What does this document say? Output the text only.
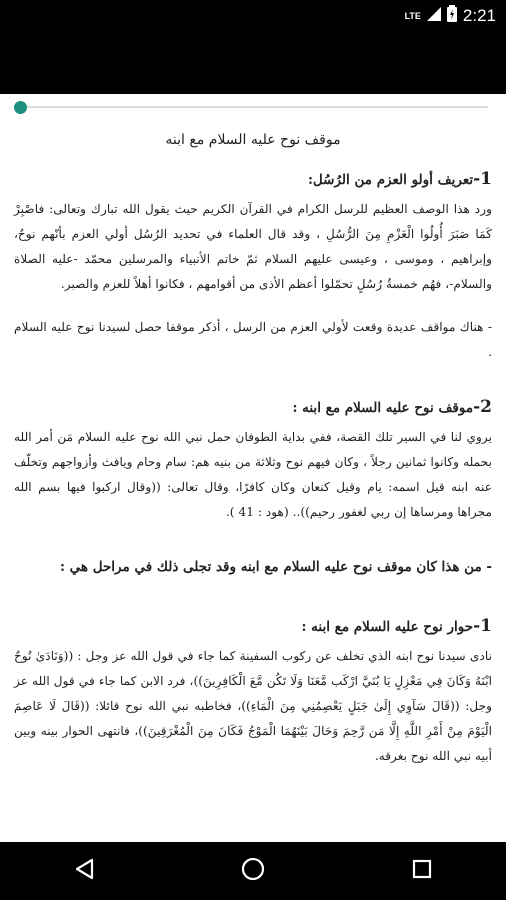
LTE 2:21
موقف نوح عليه السلام مع ابنه
1-تعريف أولو العزم من الرُسُل:

ورد هذا الوصف العظيم للرسل الكرام في القرآن الكريم حيث يقول الله تبارك وتعالى: فاصْبِرْ كَمَا صَبَرَ أُولُوا الْعَزْمِ مِنَ الرُّسُلِ ، وقد قال العلماء في تحديد الرُسُل أولي العزم بأنّهم نوحٌ، وإبراهيم ، وموسى ، وعيسى عليهم السلام ثمّ خاتم الأنبياء والمرسلين محمّد -عليه الصلاة والسلام-، فهُم خمسةُ رُسُلٍ تحمّلوا أعظم الأذى من أقوامهم ، فكانوا أهلاً للعزم والصبر.

- هناك مواقف عديدة وقعت لأولي العزم من الرسل ، أذكر موقفا حصل لسيدنا نوح عليه السلام .

2-موقف نوح عليه السلام مع ابنه :

يروي لنا في السير تلك القصة، ففي بداية الطوفان حمل نبي الله نوح عليه السلام مَن أمر الله بحمله وكانوا ثمانين رجلاً ، وكان فيهم نوح وثلاثة من بنيه هم: سام وحام ويافث وأزواجهم وتخلّف عنه ابنه قيل اسمه: يام وقيل كنعان وكان كافرًا، وقال تعالى: ((وقال اركبوا فيها بسم الله مجراها ومرساها إن ربي لغفور رحيم)).. (هود : 41 ).

- من هذا كان موقف نوح عليه السلام مع ابنه وقد تجلى ذلك في مراحل هي :
1-حوار نوح عليه السلام مع ابنه :

نادى سيدنا نوح ابنه الذي تخلف عن ركوب السفينة كما جاء في قول الله عز وجل : ((وَنَادَىٰ نُوحٌ ابْنَهُ وَكَانَ فِي مَعْزِلٍ يَا بُنَيَّ ارْكَب مَّعَنَا وَلَا تَكُن مَّعَ الْكَافِرِينَ))، فرد الابن كما جاء في قول الله عز وجل: ((قَالَ سَآوِي إِلَىٰ جَبَلٍ يَعْصِمُنِي مِنَ الْمَاءِ))، فخاطبه نبي الله نوح قائلا: ((قَالَ لَا عَاصِمَ الْيَوْمَ مِنْ أَمْرِ اللَّهِ إِلَّا مَن رَّحِمَ وَحَالَ بَيْنَهُمَا الْمَوْجُ فَكَانَ مِنَ الْمُغْرَقِينَ))، فانتهى الحوار بينه وبين أبيه نبي الله نوح بغرقه.
